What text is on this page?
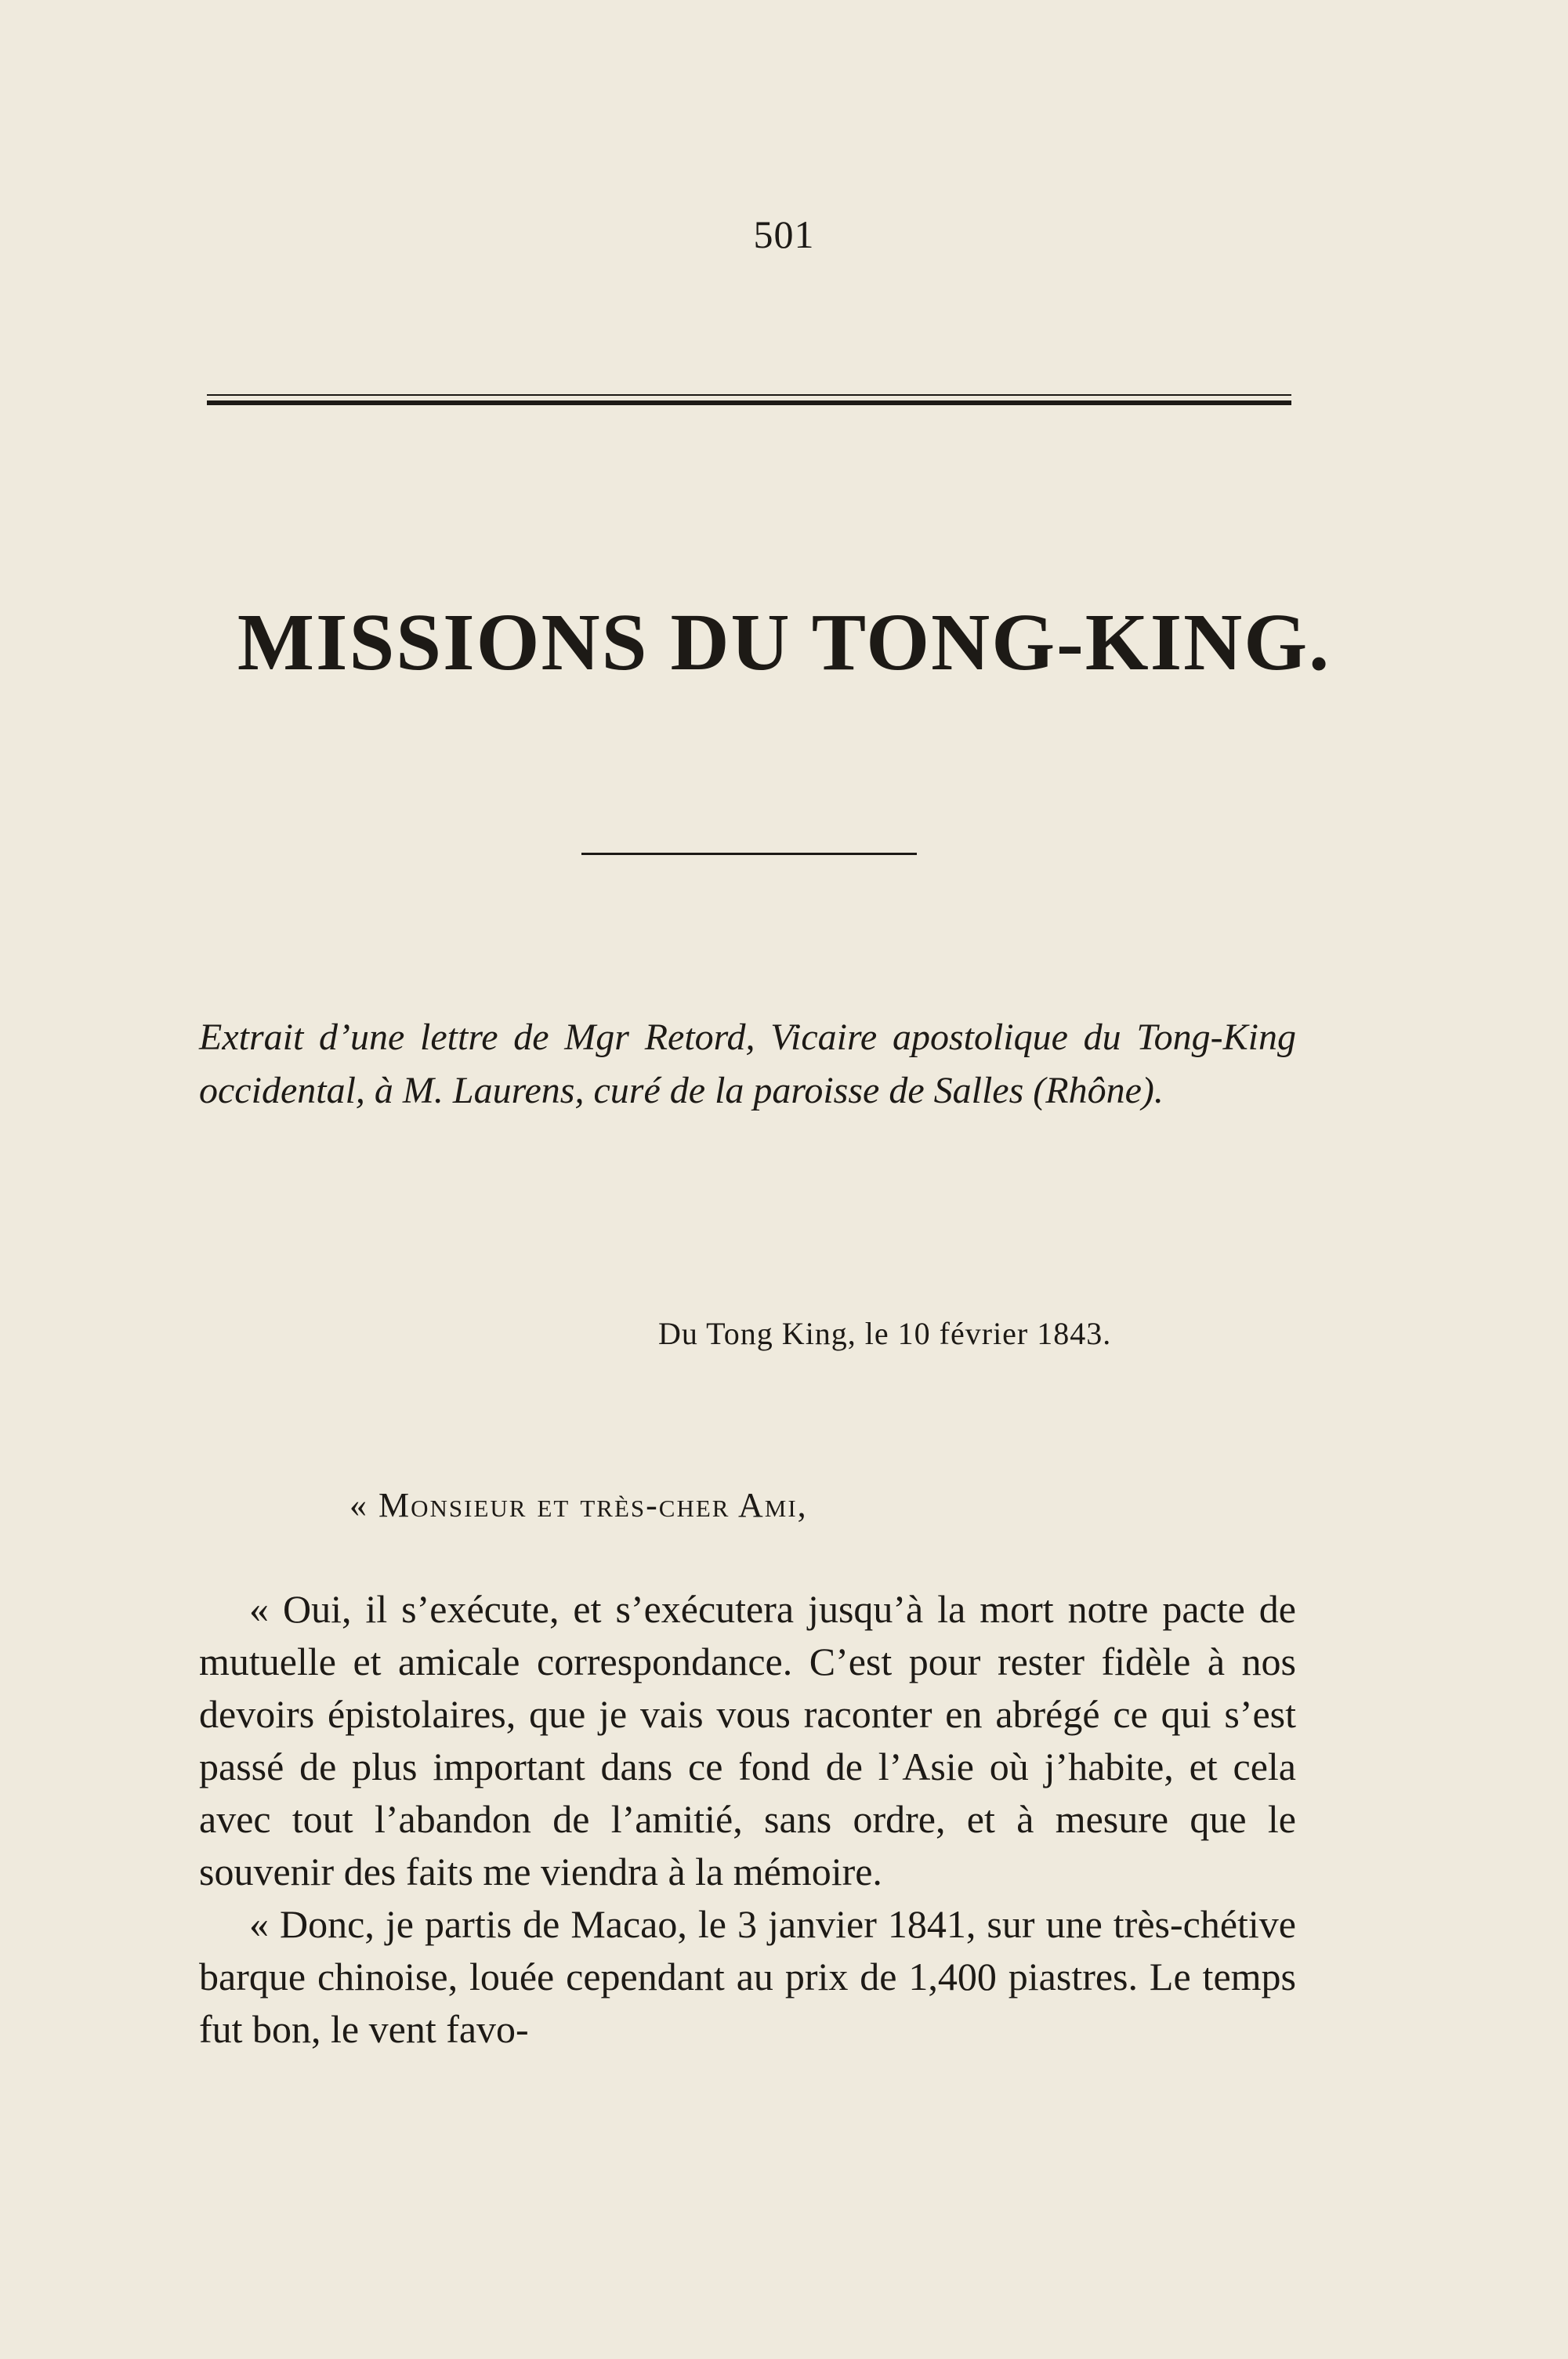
501
MISSIONS DU TONG-KING.
Extrait d’une lettre de Mgr Retord, Vicaire apostolique du Tong-King occidental, à M. Laurens, curé de la paroisse de Salles (Rhône).
Du Tong King, le 10 février 1843.
« Monsieur et très-cher Ami,

« Oui, il s’exécute, et s’exécutera jusqu’à la mort notre pacte de mutuelle et amicale correspondance. C’est pour rester fidèle à nos devoirs épistolaires, que je vais vous raconter en abrégé ce qui s’est passé de plus important dans ce fond de l’Asie où j’habite, et cela avec tout l’abandon de l’amitié, sans ordre, et à mesure que le souvenir des faits me viendra à la mémoire.

« Donc, je partis de Macao, le 3 janvier 1841, sur une très-chétive barque chinoise, louée cependant au prix de 1,400 piastres. Le temps fut bon, le vent favo-
